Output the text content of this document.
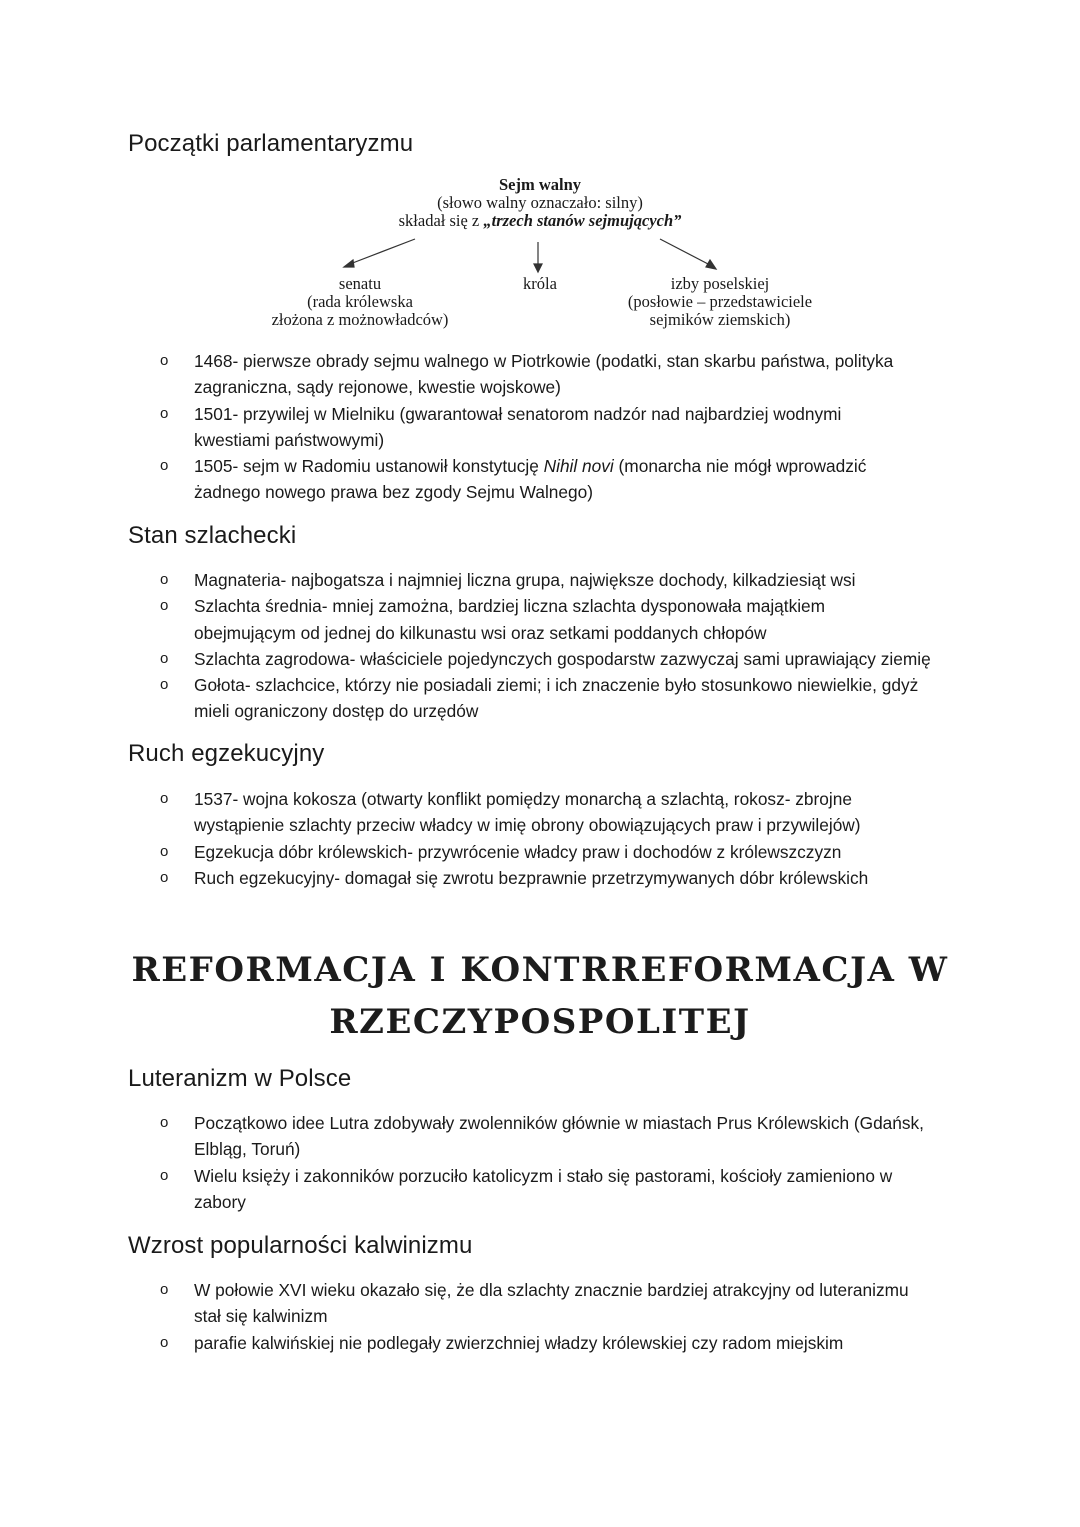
Początki parlamentaryzmu
Sejm walny
(słowo walny oznaczało: silny)
składał się z „trzech stanów sejmujących”
senatu
(rada królewska
złożona z możnowładców)
króla	izby poselskiej
(posłowie – przedstawiciele
sejmików ziemskich)
o 1468- pierwsze obrady sejmu walnego w Piotrkowie (podatki, stan skarbu państwa, polityka
zagraniczna, sądy rejonowe, kwestie wojskowe)
o 1501- przywilej w Mielniku (gwarantował senatorom nadzór nad najbardziej wodnymi
kwestiami państwowymi)
o 1505- sejm w Radomiu ustanowił konstytucję Nihil novi (monarcha nie mógł wprowadzić
żadnego nowego prawa bez zgody Sejmu Walnego)
Stan szlachecki
o Magnateria- najbogatsza i najmniej liczna grupa, największe dochody, kilkadziesiąt wsi
o Szlachta średnia- mniej zamożna, bardziej liczna szlachta dysponowała majątkiem
obejmującym od jednej do kilkunastu wsi oraz setkami poddanych chłopów
o Szlachta zagrodowa- właściciele pojedynczych gospodarstw zazwyczaj sami uprawiający ziemię
o Gołota- szlachcice, którzy nie posiadali ziemi; i ich znaczenie było stosunkowo niewielkie, gdyż
mieli ograniczony dostęp do urzędów
Ruch egzekucyjny
o 1537- wojna kokosza (otwarty konflikt pomiędzy monarchą a szlachtą, rokosz- zbrojne
wystąpienie szlachty przeciw władcy w imię obrony obowiązujących praw i przywilejów)
o Egzekucja dóbr królewskich- przywrócenie władcy praw i dochodów z królewszczyzn
o Ruch egzekucyjny- domagał się zwrotu bezprawnie przetrzymywanych dóbr królewskich
REFORMACJA I KONTRREFORMACJA W
RZECZYPOSPOLITEJ
Luteranizm w Polsce
o Początkowo idee Lutra zdobywały zwolenników głównie w miastach Prus Królewskich (Gdańsk,
Elbląg, Toruń)
o Wielu księży i zakonników porzuciło katolicyzm i stało się pastorami, kościoły zamieniono w
zabory
Wzrost popularności kalwinizmu
o W połowie XVI wieku okazało się, że dla szlachty znacznie bardziej atrakcyjny od luteranizmu
stał się kalwinizm
o parafie kalwińskiej nie podlegały zwierzchniej władzy królewskiej czy radom miejskim
